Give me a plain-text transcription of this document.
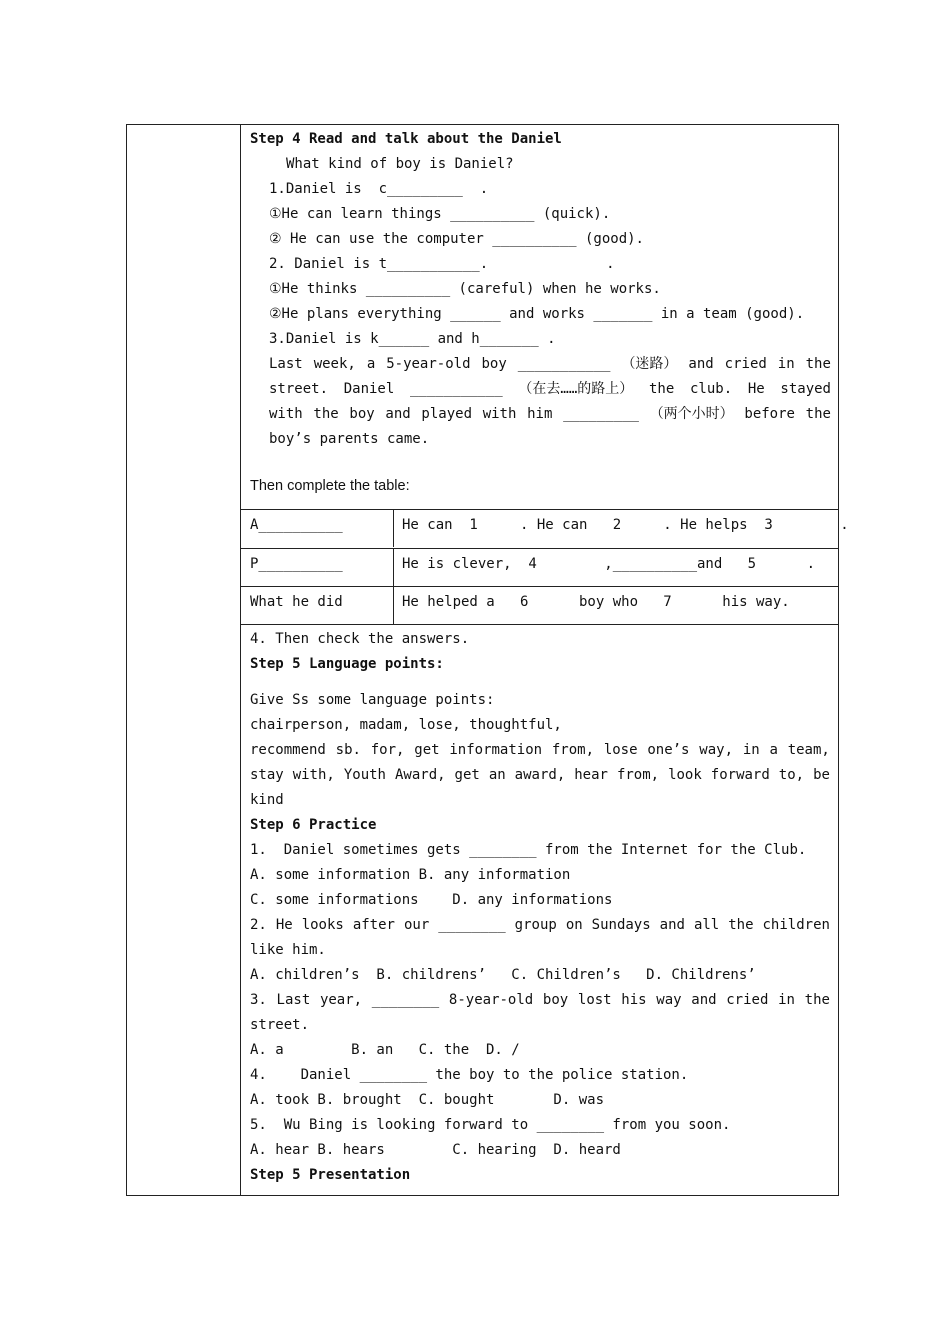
Step 4 Read and talk about the Daniel
What kind of boy is Daniel?
1.Daniel is  c_________  .
①He can learn things __________ (quick).
② He can use the computer __________ (good).
2. Daniel is t___________.              .
①He thinks __________ (careful) when he works.
②He plans everything ______ and works _______ in a team (good).
3.Daniel is k______ and h_______ .
Last week, a 5-year-old boy ___________ （迷路） and cried in the
street. Daniel ___________ （在去……的路上） the club. He stayed
with the boy and played with him _________ （两个小时） before the
boy’s parents came.
Then complete the table:
A__________	He can  1     . He can   2     . He helps  3        .
P__________	He is clever,  4        ,__________and   5      .
What he did	He helped a   6      boy who   7      his way.
4. Then check the answers.
Step 5 Language points:
Give Ss some language points:
chairperson, madam, lose, thoughtful,
recommend sb. for, get information from, lose one’s way, in a team,
stay with, Youth Award, get an award, hear from, look forward to, be
kind
Step 6 Practice
1.  Daniel sometimes gets ________ from the Internet for the Club.
A. some information B. any information
C. some informations    D. any informations
2. He looks after our ________ group on Sundays and all the children
like him.
A. children’s  B. childrens’   C. Children’s   D. Childrens’
3. Last year, ________ 8-year-old boy lost his way and cried in the
street.
A. a        B. an   C. the  D. /
4.    Daniel ________ the boy to the police station.
A. took B. brought  C. bought       D. was
5.  Wu Bing is looking forward to ________ from you soon.
A. hear B. hears        C. hearing  D. heard
Step 5 Presentation
